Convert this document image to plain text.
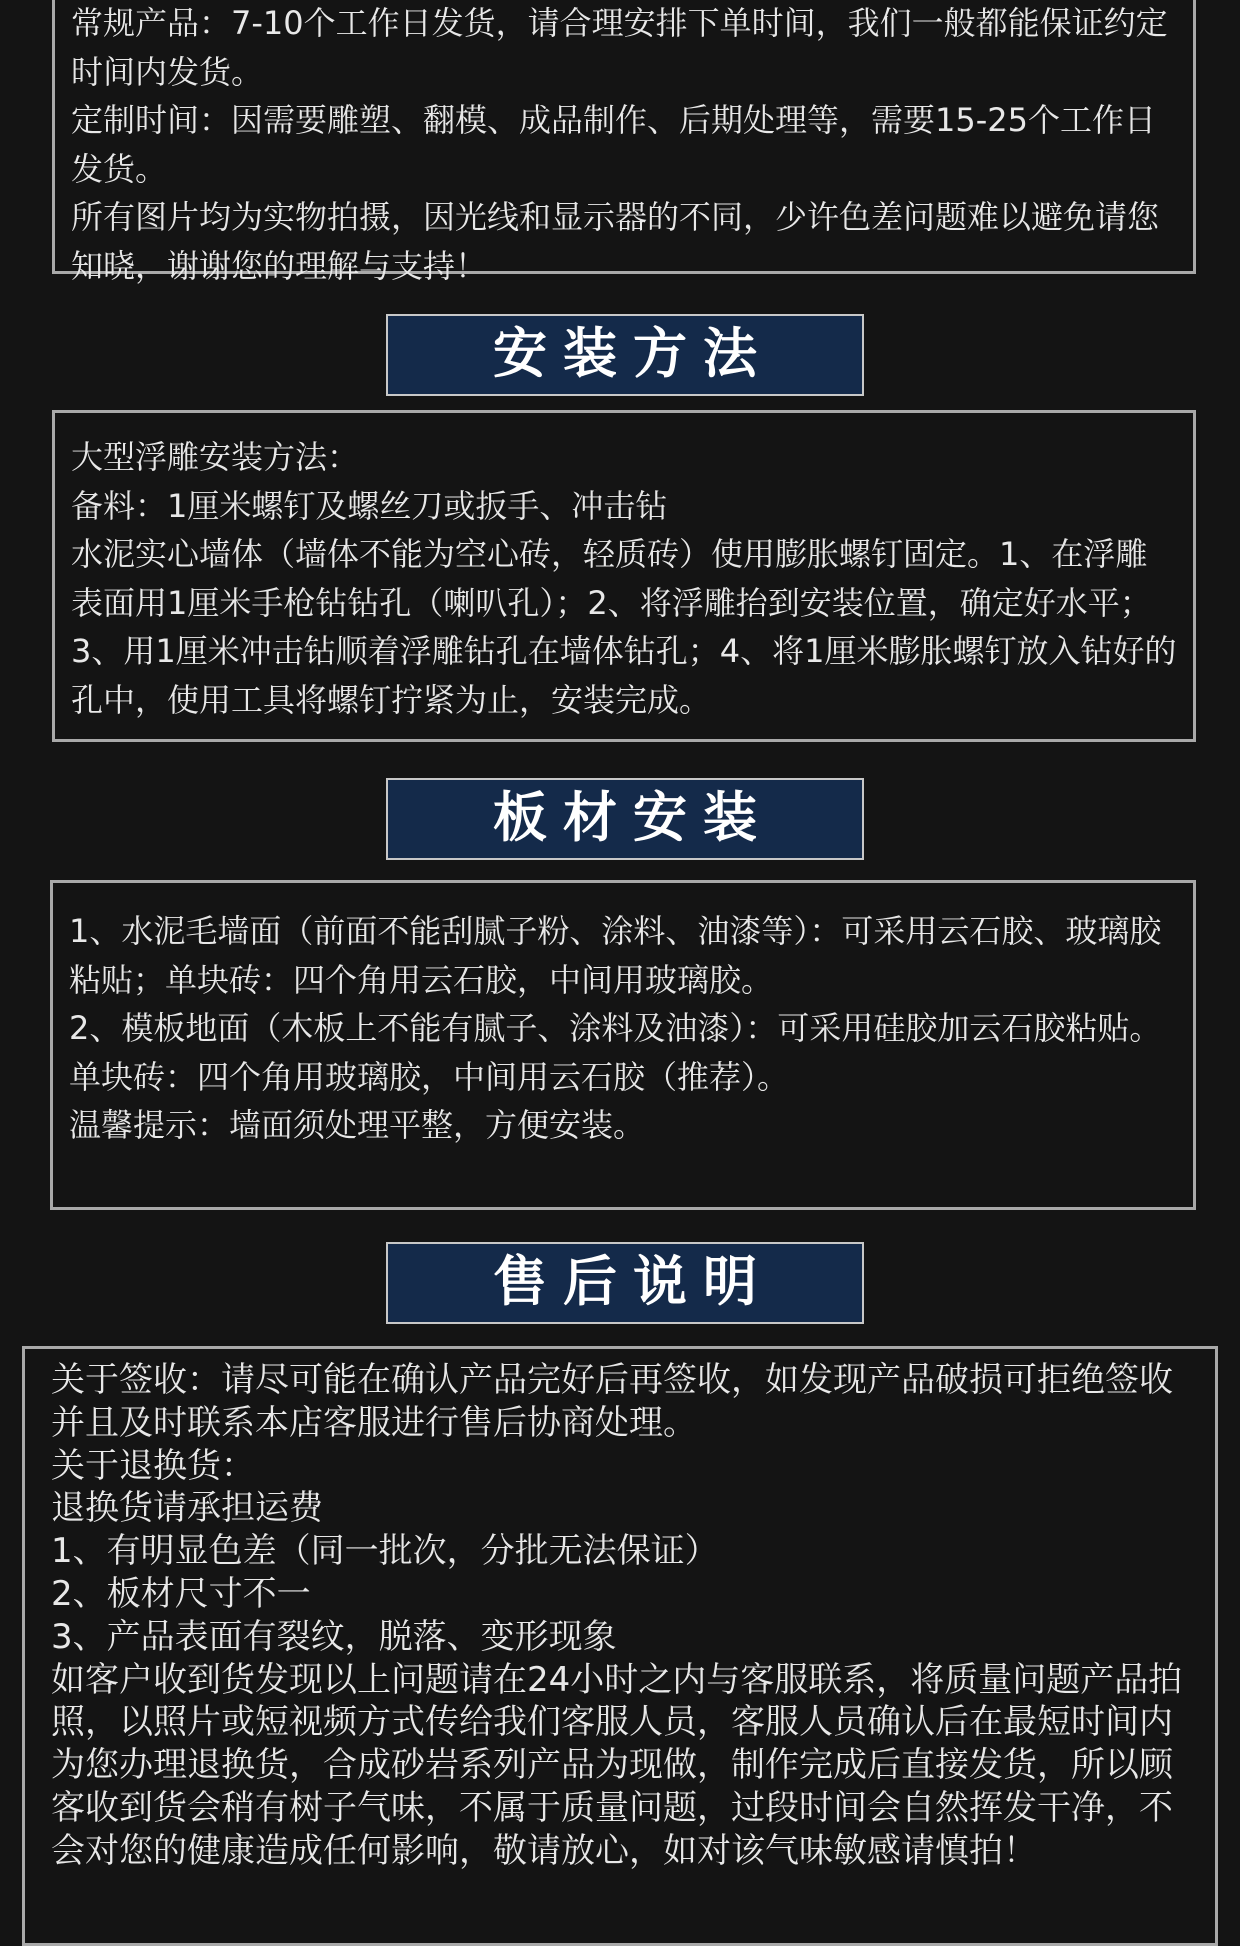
常规产品：7-10个工作日发货，请合理安排下单时间，我们一般都能保证约定时间内发货。

定制时间：因需要雕塑、翻模、成品制作、后期处理等，需要15-25个工作日发货。

所有图片均为实物拍摄，因光线和显示器的不同，少许色差问题难以避免请您知晓，谢谢您的理解与支持！

安装方法

大型浮雕安装方法：

备料：1厘米螺钉及螺丝刀或扳手、冲击钻

水泥实心墙体（墙体不能为空心砖，轻质砖）使用膨胀螺钉固定。1、在浮雕表面用1厘米手枪钻钻孔（喇叭孔）；2、将浮雕抬到安装位置，确定好水平；3、用1厘米冲击钻顺着浮雕钻孔在墙体钻孔；4、将1厘米膨胀螺钉放入钻好的孔中，使用工具将螺钉拧紧为止，安装完成。

板材安装

1、水泥毛墙面（前面不能刮腻子粉、涂料、油漆等）：可采用云石胶、玻璃胶粘贴；单块砖：四个角用云石胶，中间用玻璃胶。

2、模板地面（木板上不能有腻子、涂料及油漆）：可采用硅胶加云石胶粘贴。单块砖：四个角用玻璃胶，中间用云石胶（推荐）。

温馨提示：墙面须处理平整，方便安装。

售后说明

关于签收：请尽可能在确认产品完好后再签收，如发现产品破损可拒绝签收并且及时联系本店客服进行售后协商处理。

关于退换货：

退换货请承担运费

1、有明显色差（同一批次，分批无法保证）

2、板材尺寸不一

3、产品表面有裂纹，脱落、变形现象

如客户收到货发现以上问题请在24小时之内与客服联系，将质量问题产品拍照，以照片或短视频方式传给我们客服人员，客服人员确认后在最短时间内为您办理退换货，合成砂岩系列产品为现做，制作完成后直接发货，所以顾客收到货会稍有树子气味，不属于质量问题，过段时间会自然挥发干净，不会对您的健康造成任何影响，敬请放心，如对该气味敏感请慎拍！
